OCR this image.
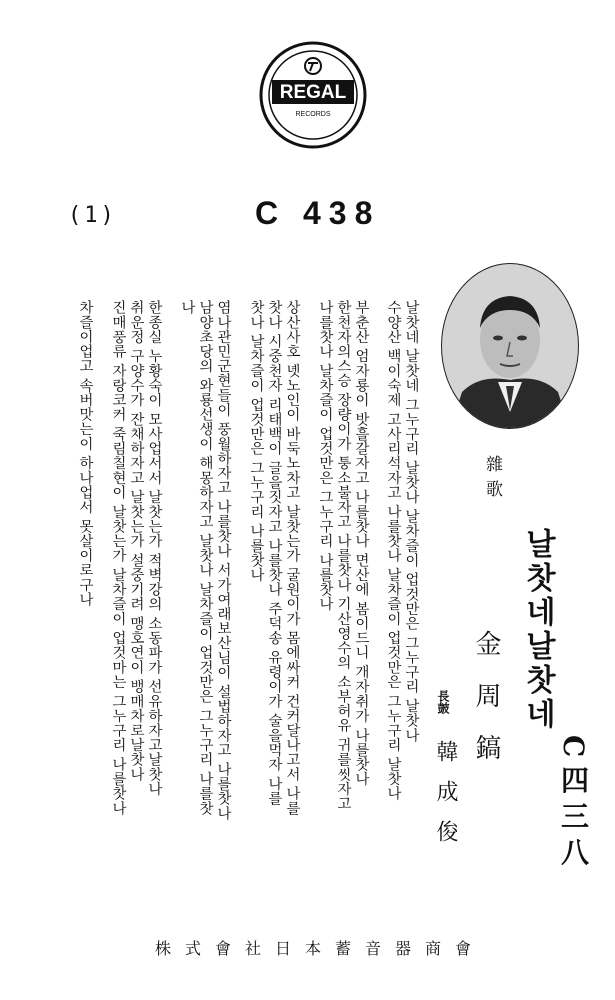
REGAL
RECORDS
(1)	C 438
雜歌
날찻네날찻네
金周鎬
長皷
韓成俊	C四三八
날찻네 날찻네 그누구리 날찻나 날차즐이 업것만은 그누구리 날찻나
수양산 백이숙제 고사리석자고 나를찻나 날차즐이 업것만은 그누구리 날찻나
부춘산 엄자룡이 밧흘갈자고 나를찻나 면산에 봄이드니 개자취가 나를찻나
한천자의스승 장량이가 퉁소불자고 나를찻나 기산영수의 소부허유 귀를씻자고
나를찻나 날차즐이 업것만은 그누구리 나를찻나
상산사호 녯노인이 바둑노차고 날찻는가 굴원이가 몸에싸커 건커달나고서 나를
찻나 시중천자 리태백이 글을짓자고 나를찻나 주덕송 유령이가 술을먹자 나를
찻나 날차즐이 업것만은 그누구리 나를찻나
염나관민군현들이 풍월하자고 나를찻나 서가여래보산님이 설법하자고 나를찻나
남양초당의 와룡선생이 해몽하자고 날찻나 날차즐이 업것만은 그누구리 나를찻
나
한종실 누황숙이 모사업서서 날찻는가 적벽강의 소동파가 선유하자고날찻나
취운정 구양수가 잔채하자고 날찻는가 설중기려 맹호연이 뱅매차로날찻나
진매풍류 자랑코커 죽림칠현이 날찻는가 날차즐이 업것마는 그누구리 나를찻나
차즐이업고 속버맛는이 하나업서 못살이로구나
株式會社日本蓄音器商會
